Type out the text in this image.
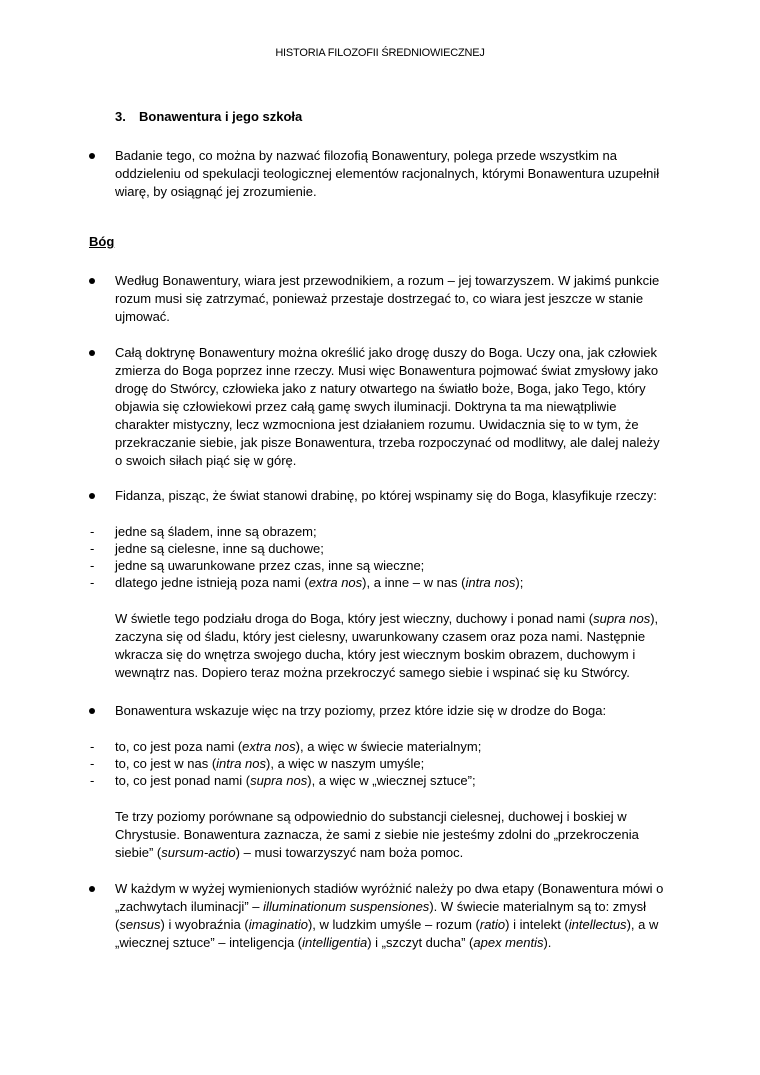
HISTORIA FILOZOFII ŚREDNIOWIECZNEJ
3. Bonawentura i jego szkoła
Badanie tego, co można by nazwać filozofią Bonawentury, polega przede wszystkim na oddzieleniu od spekulacji teologicznej elementów racjonalnych, którymi Bonawentura uzupełnił wiarę, by osiągnąć jej zrozumienie.
Bóg
Według Bonawentury, wiara jest przewodnikiem, a rozum – jej towarzyszem. W jakimś punkcie rozum musi się zatrzymać, ponieważ przestaje dostrzegać to, co wiara jest jeszcze w stanie ujmować.
Całą doktrynę Bonawentury można określić jako drogę duszy do Boga. Uczy ona, jak człowiek zmierza do Boga poprzez inne rzeczy. Musi więc Bonawentura pojmować świat zmysłowy jako drogę do Stwórcy, człowieka jako z natury otwartego na światło boże, Boga, jako Tego, który objawia się człowiekowi przez całą gamę swych iluminacji. Doktryna ta ma niewątpliwie charakter mistyczny, lecz wzmocniona jest działaniem rozumu. Uwidacznia się to w tym, że przekraczanie siebie, jak pisze Bonawentura, trzeba rozpoczynać od modlitwy, ale dalej należy o swoich siłach piąć się w górę.
Fidanza, pisząc, że świat stanowi drabinę, po której wspinamy się do Boga, klasyfikuje rzeczy:
- jedne są śladem, inne są obrazem;
- jedne są cielesne, inne są duchowe;
- jedne są uwarunkowane przez czas, inne są wieczne;
- dlatego jedne istnieją poza nami (extra nos), a inne – w nas (intra nos);
W świetle tego podziału droga do Boga, który jest wieczny, duchowy i ponad nami (supra nos), zaczyna się od śladu, który jest cielesny, uwarunkowany czasem oraz poza nami. Następnie wkracza się do wnętrza swojego ducha, który jest wiecznym boskim obrazem, duchowym i wewnątrz nas. Dopiero teraz można przekroczyć samego siebie i wspinać się ku Stwórcy.
Bonawentura wskazuje więc na trzy poziomy, przez które idzie się w drodze do Boga:
- to, co jest poza nami (extra nos), a więc w świecie materialnym;
- to, co jest w nas (intra nos), a więc w naszym umyśle;
- to, co jest ponad nami (supra nos), a więc w „wiecznej sztuce”;
Te trzy poziomy porównane są odpowiednio do substancji cielesnej, duchowej i boskiej w Chrystusie. Bonawentura zaznacza, że sami z siebie nie jesteśmy zdolni do „przekroczenia siebie” (sursum-actio) – musi towarzyszyć nam boża pomoc.
W każdym w wyżej wymienionych stadiów wyróżnić należy po dwa etapy (Bonawentura mówi o „zachwytach iluminacji” – illuminationum suspensiones). W świecie materialnym są to: zmysł (sensus) i wyobraźnia (imaginatio), w ludzkim umyśle – rozum (ratio) i intelekt (intellectus), a w „wiecznej sztuce” – inteligencja (intelligentia) i „szczyt ducha” (apex mentis).
